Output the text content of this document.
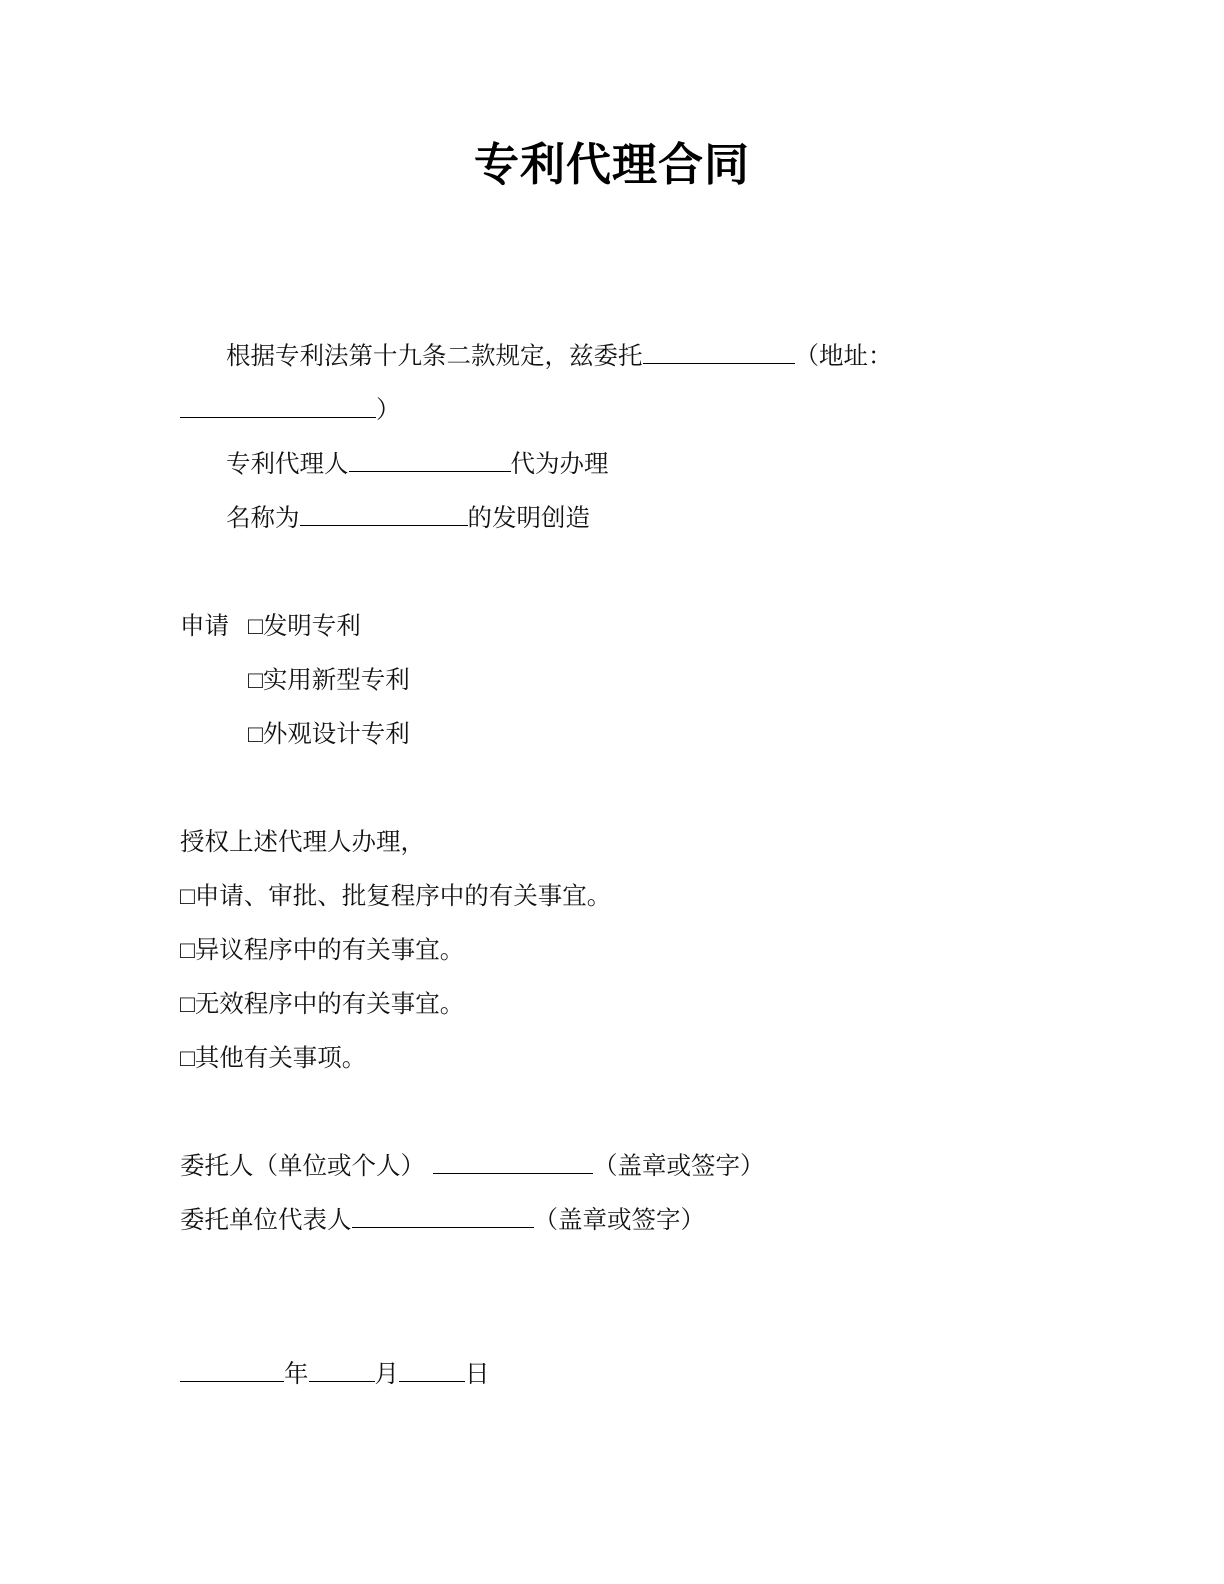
专利代理合同

根据专利法第十九条二款规定，兹委托	（地址：）

专利代理人	代为办理

名称为	的发明创造

申请 □发明专利
□实用新型专利
□外观设计专利

授权上述代理人办理，

□申请、审批、批复程序中的有关事宜。
□异议程序中的有关事宜。
□无效程序中的有关事宜。
□其他有关事项。
委托人（单位或个人）	（盖章或签字）
委托单位代表人	（盖章或签字）
年	月	日
